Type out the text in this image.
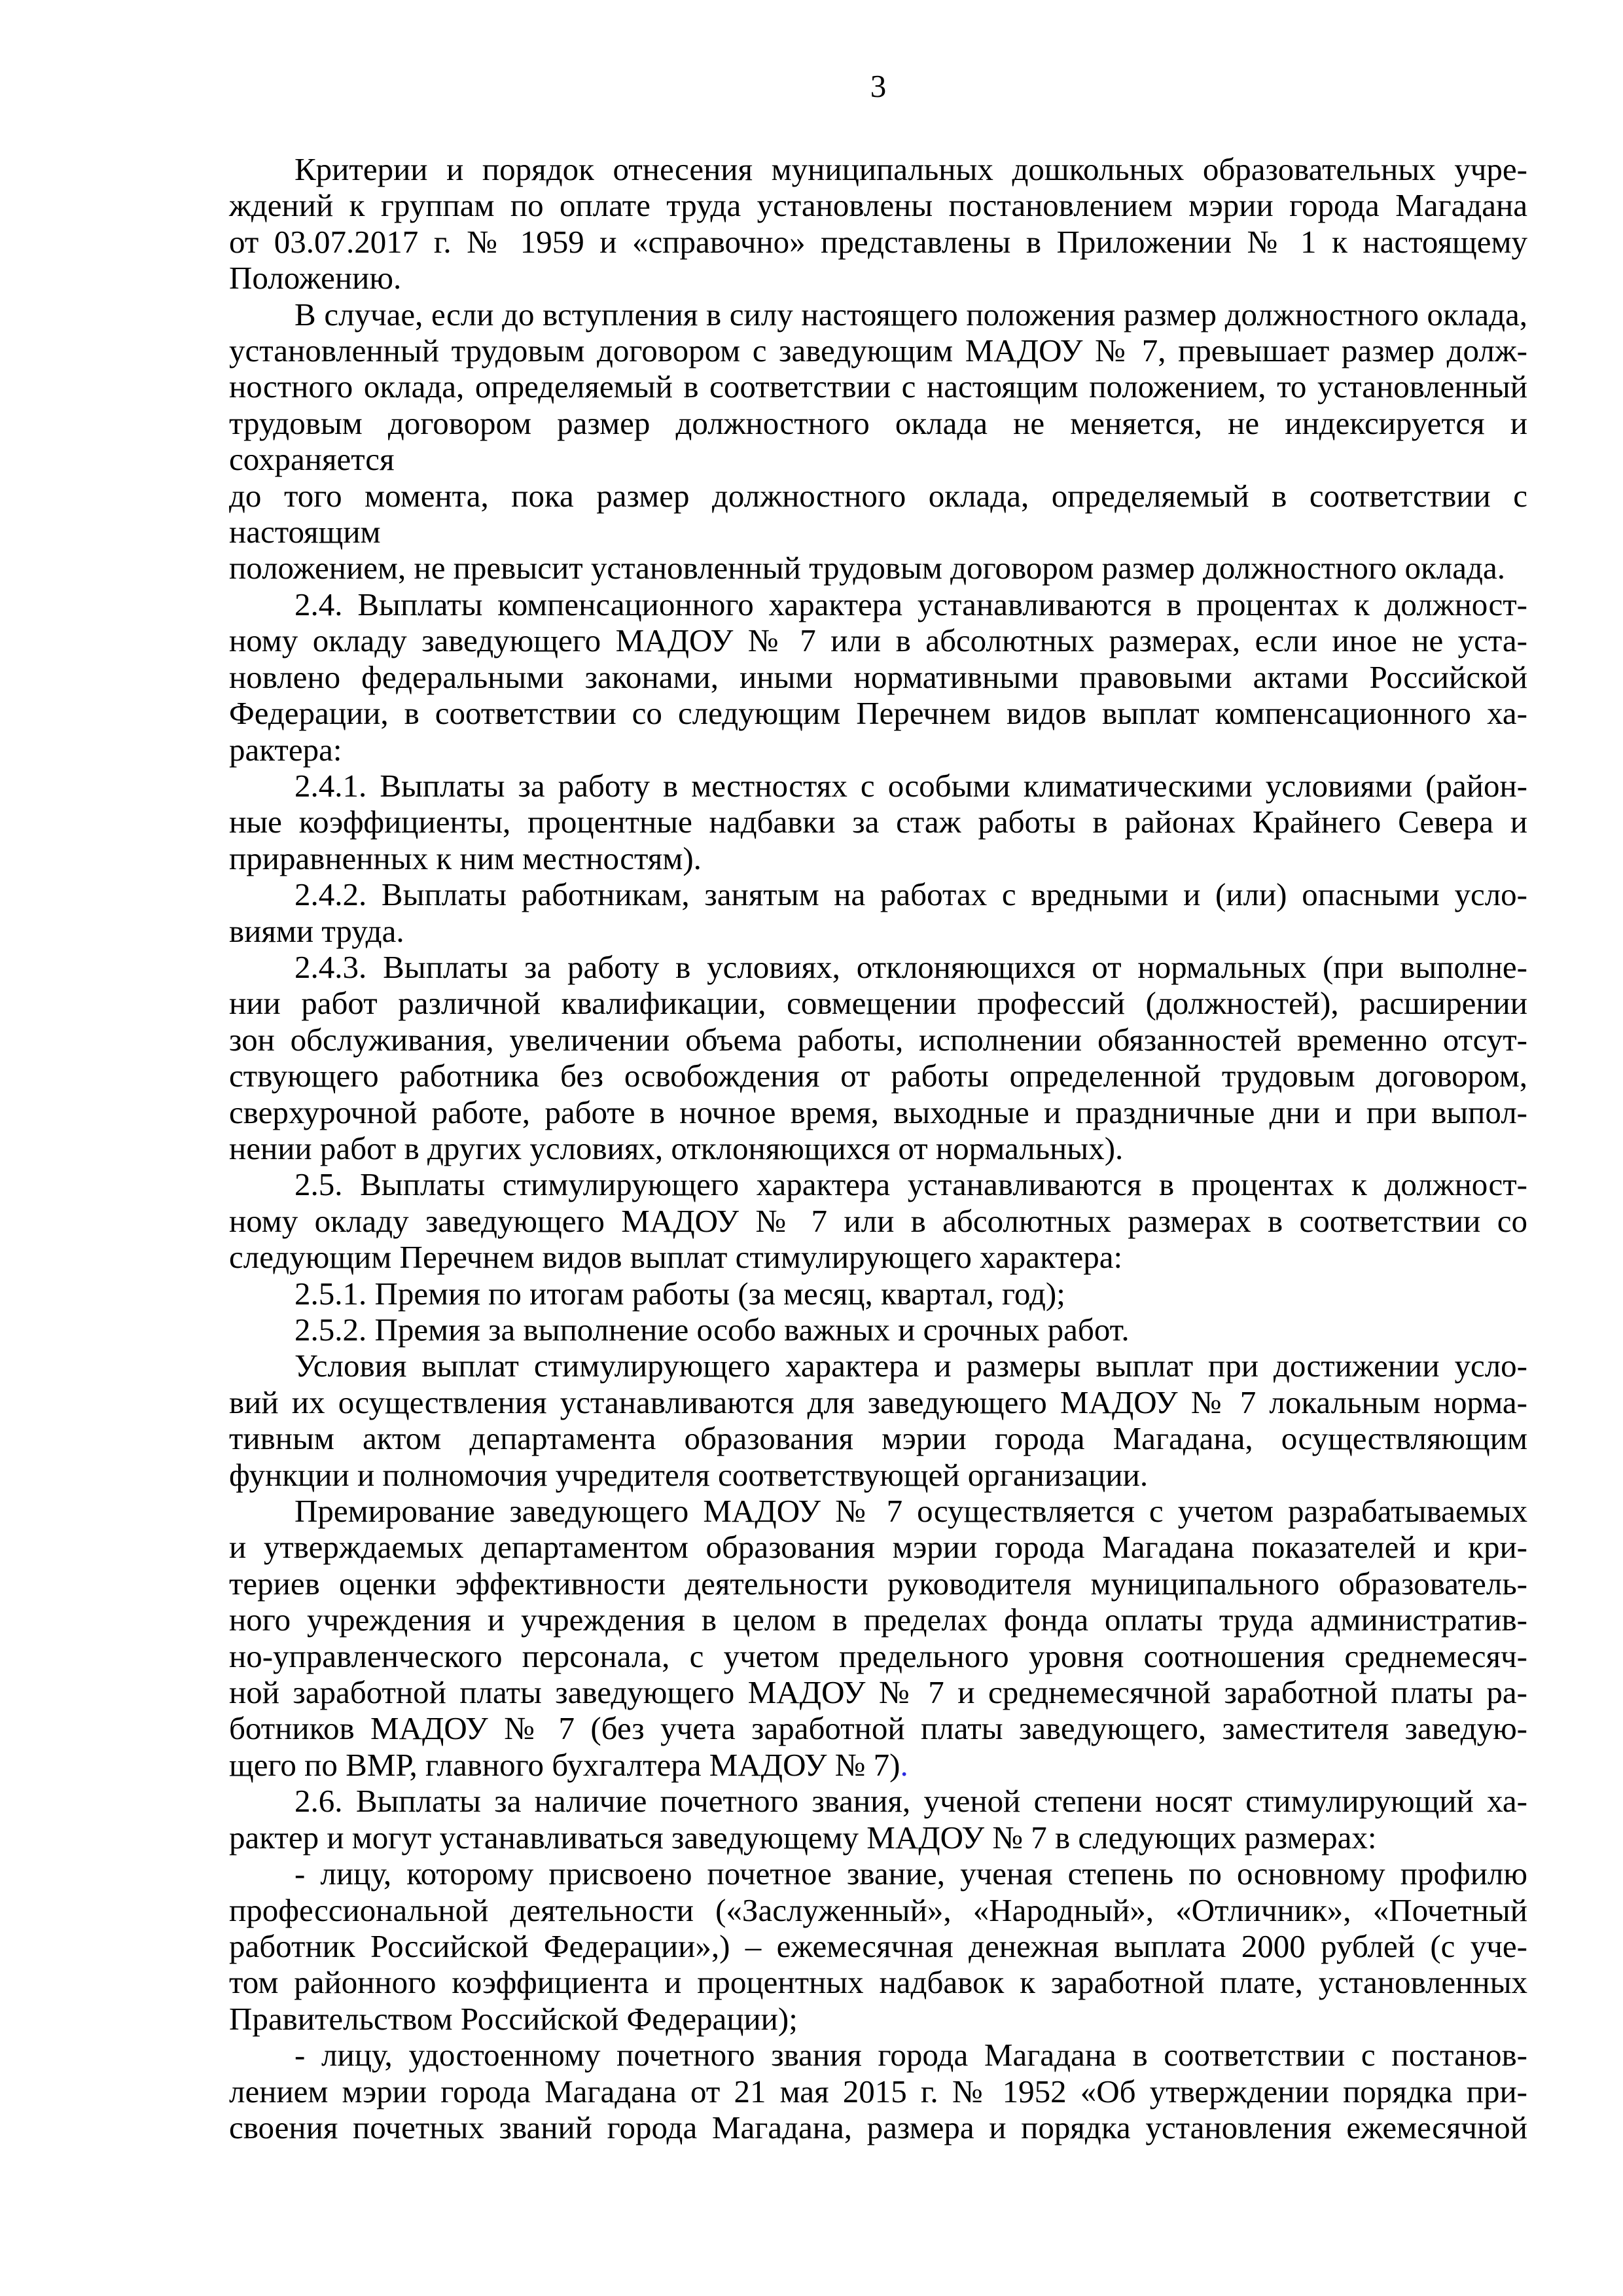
3
Критерии и порядок отнесения муниципальных дошкольных образовательных учре-
ждений к группам по оплате труда установлены постановлением мэрии города Магадана
от 03.07.2017 г. № 1959 и «справочно» представлены в Приложении № 1 к настоящему
Положению.
В случае, если до вступления в силу настоящего положения размер должностного оклада,
установленный трудовым договором с заведующим МАДОУ № 7, превышает размер долж-
ностного оклада, определяемый в соответствии с настоящим положением, то установленный
трудовым договором размер должностного оклада не меняется, не индексируется и сохраняется
до того момента, пока размер должностного оклада, определяемый в соответствии с настоящим
положением, не превысит установленный трудовым договором размер должностного оклада.
2.4. Выплаты компенсационного характера устанавливаются в процентах к должност-
ному окладу заведующего МАДОУ № 7 или в абсолютных размерах, если иное не уста-
новлено федеральными законами, иными нормативными правовыми актами Российской
Федерации, в соответствии со следующим Перечнем видов выплат компенсационного ха-
рактера:
2.4.1. Выплаты за работу в местностях с особыми климатическими условиями (район-
ные коэффициенты, процентные надбавки за стаж работы в районах Крайнего Севера и
приравненных к ним местностям).
2.4.2. Выплаты работникам, занятым на работах с вредными и (или) опасными усло-
виями труда.
2.4.3. Выплаты за работу в условиях, отклоняющихся от нормальных (при выполне-
нии работ различной квалификации, совмещении профессий (должностей), расширении
зон обслуживания, увеличении объема работы, исполнении обязанностей временно отсут-
ствующего работника без освобождения от работы определенной трудовым договором,
сверхурочной работе, работе в ночное время, выходные и праздничные дни и при выпол-
нении работ в других условиях, отклоняющихся от нормальных).
2.5. Выплаты стимулирующего характера устанавливаются в процентах к должност-
ному окладу заведующего МАДОУ № 7 или в абсолютных размерах в соответствии со
следующим Перечнем видов выплат стимулирующего характера:
2.5.1. Премия по итогам работы (за месяц, квартал, год);
2.5.2. Премия за выполнение особо важных и срочных работ.
Условия выплат стимулирующего характера и размеры выплат при достижении усло-
вий их осуществления устанавливаются для заведующего МАДОУ № 7 локальным норма-
тивным актом департамента образования мэрии города Магадана, осуществляющим
функции и полномочия учредителя соответствующей организации.
Премирование заведующего МАДОУ № 7 осуществляется с учетом разрабатываемых
и утверждаемых департаментом образования мэрии города Магадана показателей и кри-
териев оценки эффективности деятельности руководителя муниципального образователь-
ного учреждения и учреждения в целом в пределах фонда оплаты труда административ-
но-управленческого персонала, с учетом предельного уровня соотношения среднемесяч-
ной заработной платы заведующего МАДОУ № 7 и среднемесячной заработной платы ра-
ботников МАДОУ № 7 (без учета заработной платы заведующего, заместителя заведую-
щего по ВМР, главного бухгалтера МАДОУ № 7).
2.6. Выплаты за наличие почетного звания, ученой степени носят стимулирующий ха-
рактер и могут устанавливаться заведующему МАДОУ № 7 в следующих размерах:
- лицу, которому присвоено почетное звание, ученая степень по основному профилю
профессиональной деятельности («Заслуженный», «Народный», «Отличник», «Почетный
работник Российской Федерации»,) – ежемесячная денежная выплата 2000 рублей (с уче-
том районного коэффициента и процентных надбавок к заработной плате, установленных
Правительством Российской Федерации);
- лицу, удостоенному почетного звания города Магадана в соответствии с постанов-
лением мэрии города Магадана от 21 мая 2015 г. № 1952 «Об утверждении порядка при-
своения почетных званий города Магадана, размера и порядка установления ежемесячной
